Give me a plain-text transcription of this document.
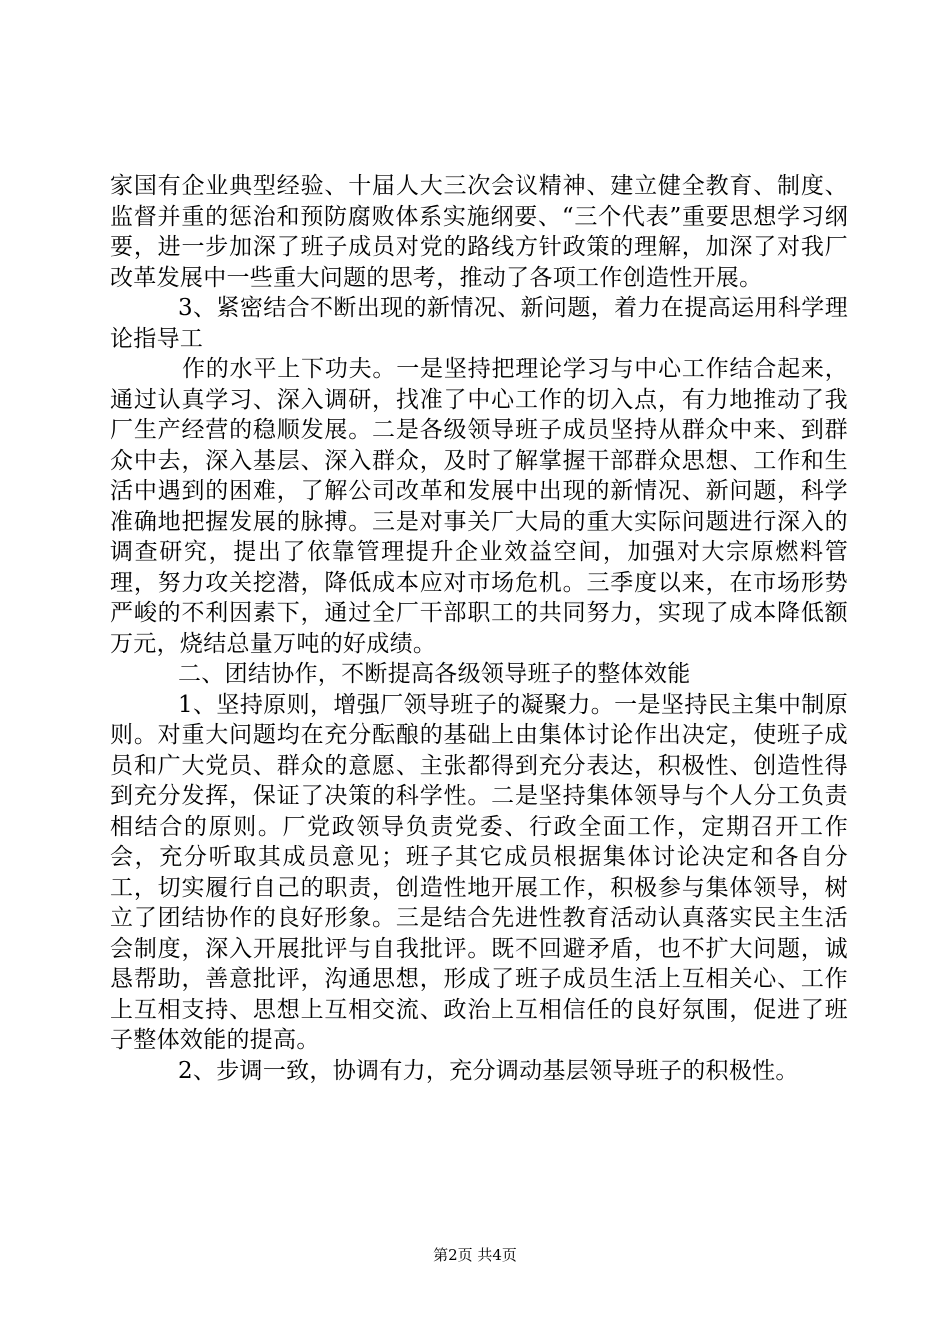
家国有企业典型经验、十届人大三次会议精神、建立健全教育、制度、监督并重的惩治和预防腐败体系实施纲要、“三个代表”重要思想学习纲要，进一步加深了班子成员对党的路线方针政策的理解，加深了对我厂改革发展中一些重大问题的思考，推动了各项工作创造性开展。

3、紧密结合不断出现的新情况、新问题，着力在提高运用科学理论指导工

作的水平上下功夫。一是坚持把理论学习与中心工作结合起来，通过认真学习、深入调研，找准了中心工作的切入点，有力地推动了我厂生产经营的稳顺发展。二是各级领导班子成员坚持从群众中来、到群众中去，深入基层、深入群众，及时了解掌握干部群众思想、工作和生活中遇到的困难，了解公司改革和发展中出现的新情况、新问题，科学准确地把握发展的脉搏。三是对事关厂大局的重大实际问题进行深入的调查研究，提出了依靠管理提升企业效益空间，加强对大宗原燃料管理，努力攻关挖潜，降低成本应对市场危机。三季度以来，在市场形势严峻的不利因素下，通过全厂干部职工的共同努力，实现了成本降低额万元，烧结总量万吨的好成绩。

二、团结协作，不断提高各级领导班子的整体效能

1、坚持原则，增强厂领导班子的凝聚力。一是坚持民主集中制原则。对重大问题均在充分酝酿的基础上由集体讨论作出决定，使班子成员和广大党员、群众的意愿、主张都得到充分表达，积极性、创造性得到充分发挥，保证了决策的科学性。二是坚持集体领导与个人分工负责相结合的原则。厂党政领导负责党委、行政全面工作，定期召开工作会，充分听取其成员意见；班子其它成员根据集体讨论决定和各自分工，切实履行自己的职责，创造性地开展工作，积极参与集体领导，树立了团结协作的良好形象。三是结合先进性教育活动认真落实民主生活会制度，深入开展批评与自我批评。既不回避矛盾，也不扩大问题，诚恳帮助，善意批评，沟通思想，形成了班子成员生活上互相关心、工作上互相支持、思想上互相交流、政治上互相信任的良好氛围，促进了班子整体效能的提高。

2、步调一致，协调有力，充分调动基层领导班子的积极性。

第2页 共4页
